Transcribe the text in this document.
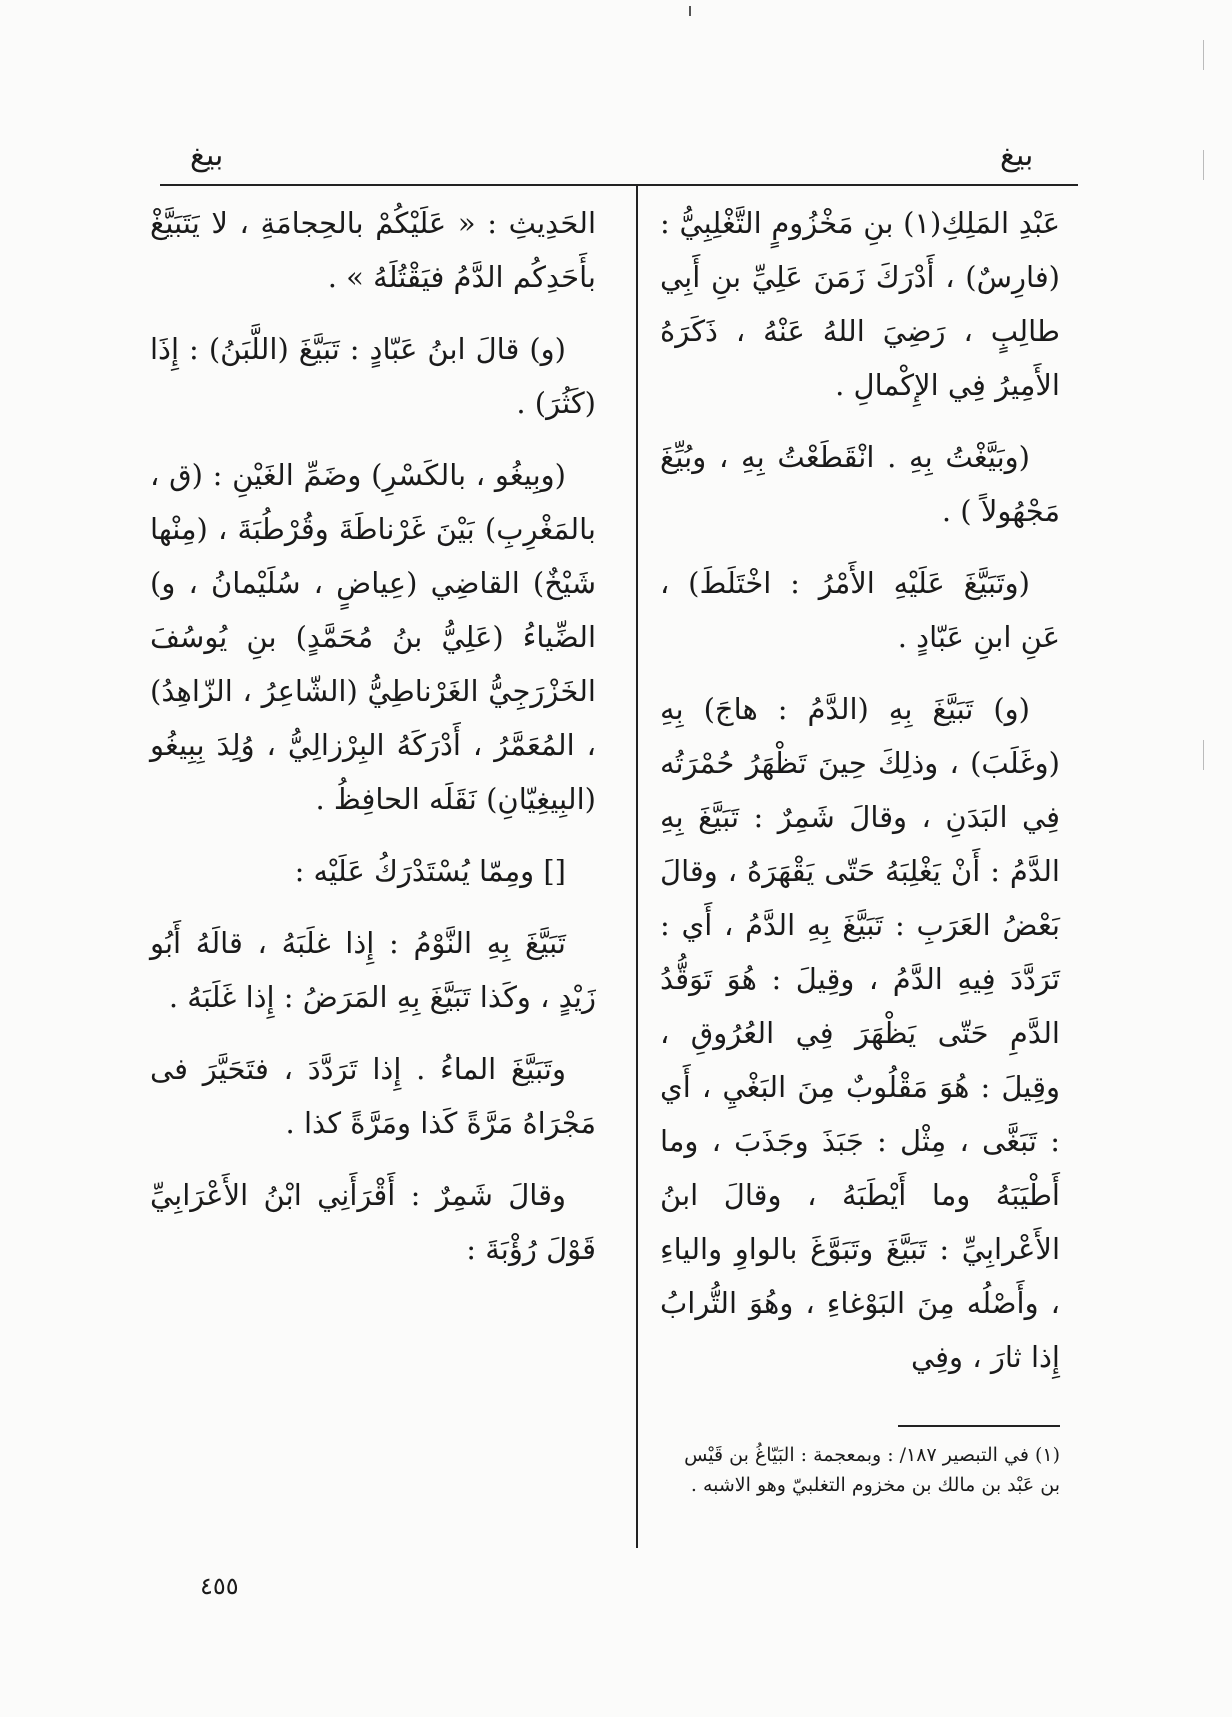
بيغ
بيغ

عَبْدِ المَلِكِ(١) بنِ مَخْزُومٍ التَّغْلِبِيُّ : (فارِسٌ) ، أَدْرَكَ زَمَنَ عَلِيِّ بنِ أَبِي طالِبٍ ، رَضِيَ اللهُ عَنْهُ ، ذَكَرَهُ الأَمِيرُ فِي الإِكْمالِ .

(وبَيَّغْتُ بِهِ . انْقَطَعْتُ بِهِ ، وبُيِّغَ مَجْهُولاً ) .

(وتَبَيَّغَ عَلَيْهِ الأَمْرُ : اخْتَلَطَ) ، عَنِ ابنِ عَبّادٍ .

(و) تَبَيَّغَ بِهِ (الدَّمُ : هاجَ) بِهِ (وغَلَبَ) ، وذلِكَ حِينَ تَظْهَرُ حُمْرَتُه فِي البَدَنِ ، وقالَ شَمِرٌ : تَبَيَّغَ بِهِ الدَّمُ : أَنْ يَغْلِبَهُ حَتّى يَقْهَرَهُ ، وقالَ بَعْضُ العَرَبِ : تَبَيَّغَ بِهِ الدَّمُ ، أَي : تَرَدَّدَ فِيهِ الدَّمُ ، وقِيلَ : هُوَ تَوَقُّدُ الدَّمِ حَتّى يَظْهَرَ فِي العُرُوقِ ، وقِيلَ : هُوَ مَقْلُوبٌ مِنَ البَغْيِ ، أَي : تَبَغَّى ، مِثْل : جَبَذَ وجَذَبَ ، وما أَطْيَبَهُ وما أَيْطَبَهُ ، وقالَ ابنُ الأَعْرابِيِّ : تَبَيَّغَ وتَبَوَّغَ بالواوِ والياءِ ، وأَصْلُه مِنَ البَوْغاءِ ، وهُوَ التُّرابُ إِذا ثارَ ، وفِي

الحَدِيثِ : « عَلَيْكُمْ بالحِجامَةِ ، لا يَتَبَيَّغْ بأَحَدِكُم الدَّمُ فيَقْتُلَهُ » .

(و) قالَ ابنُ عَبّادٍ : تَبَيَّغَ (اللَّبَنُ) : إِذَا (كَثُرَ) .

(وبِيغُو ، بالكَسْرِ) وضَمِّ الغَيْنِ : (ق ، بالمَغْرِبِ) بَيْنَ غَرْناطَةَ وقُرْطُبَةَ ، (مِنْها شَيْخٌ) القاضِي (عِياضٍ ، سُلَيْمانُ ، و) الضِّياءُ (عَلِيُّ بنُ مُحَمَّدٍ) بنِ يُوسُفَ الخَزْرَجِيُّ الغَرْناطِيُّ (الشّاعِرُ ، الزّاهِدُ) ، المُعَمَّرُ ، أَدْرَكَهُ البِرْزالِيُّ ، وُلِدَ بِبِيغُو (البِيغِيّانِ) نَقَلَه الحافِظُ .

[] ومِمّا يُسْتَدْرَكُ عَلَيْه :

تَبَيَّغَ بِهِ النَّوْمُ : إِذا غلَبَهُ ، قالَهُ أَبُو زَيْدٍ ، وكَذا تَبَيَّغَ بِهِ المَرَضُ : إِذا غَلَبَهُ .

وتَبَيَّغَ الماءُ . إِذا تَرَدَّدَ ، فتَحَيَّرَ فى مَجْرَاهُ مَرَّةً كَذا ومَرَّةً كذا .

وقالَ شَمِرٌ : أَقْرَأَنِي ابْنُ الأَعْرَابِيِّ قَوْلَ رُؤْبَةَ :

(١) في التبصير ١٨٧/ : وبمعجمة : البَيّاغُ بن قَيْس بن عَبْد بن مالك بن مخزوم التغلبيّ وهو الاشبه .
٤٥٥
